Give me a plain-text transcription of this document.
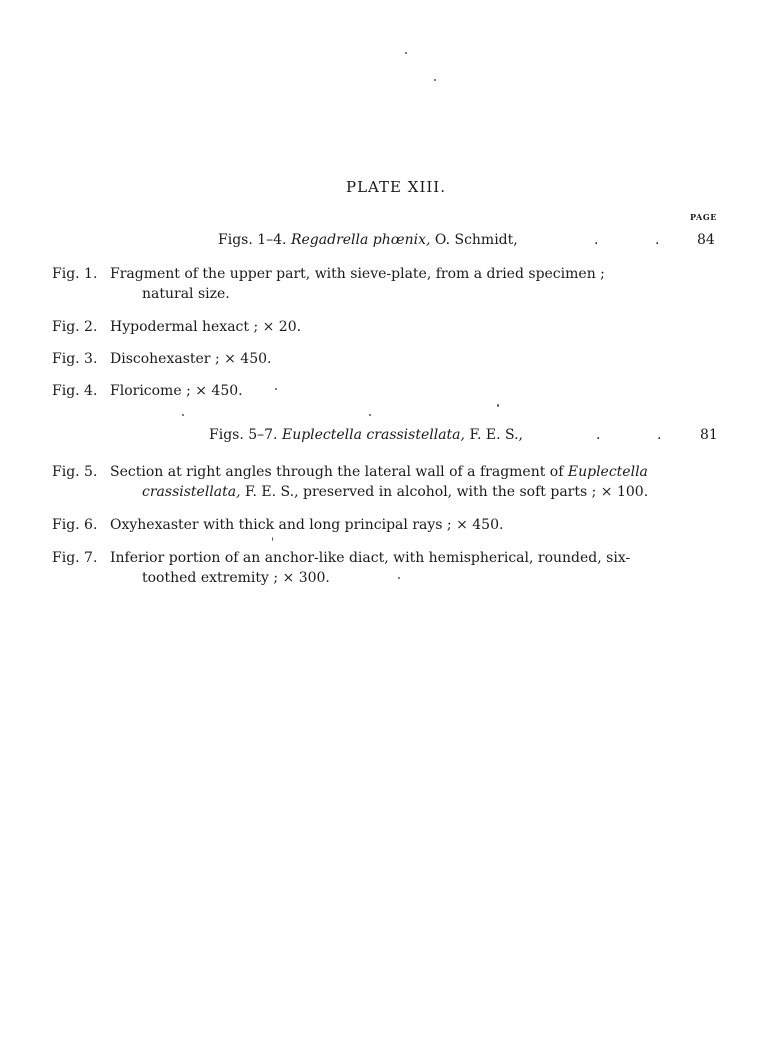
PLATE XIII.
PAGE
Figs. 1–4. Regadrella phœnix, O. Schmidt,	.	.	84
Fig. 1. Fragment of the upper part, with sieve-plate, from a dried specimen ;
natural size.
Fig. 2. Hypodermal hexact ; × 20.
Fig. 3. Discohexaster ; × 450.
Fig. 4. Floricome ; × 450.
Figs. 5–7. Euplectella crassistellata, F. E. S.,	.	.	81
Fig. 5. Section at right angles through the lateral wall of a fragment of Euplectella
crassistellata, F. E. S., preserved in alcohol, with the soft parts ; × 100.
Fig. 6. Oxyhexaster with thick and long principal rays ; × 450.
Fig. 7. Inferior portion of an anchor-like diact, with hemispherical, rounded, six-
toothed extremity ; × 300.
